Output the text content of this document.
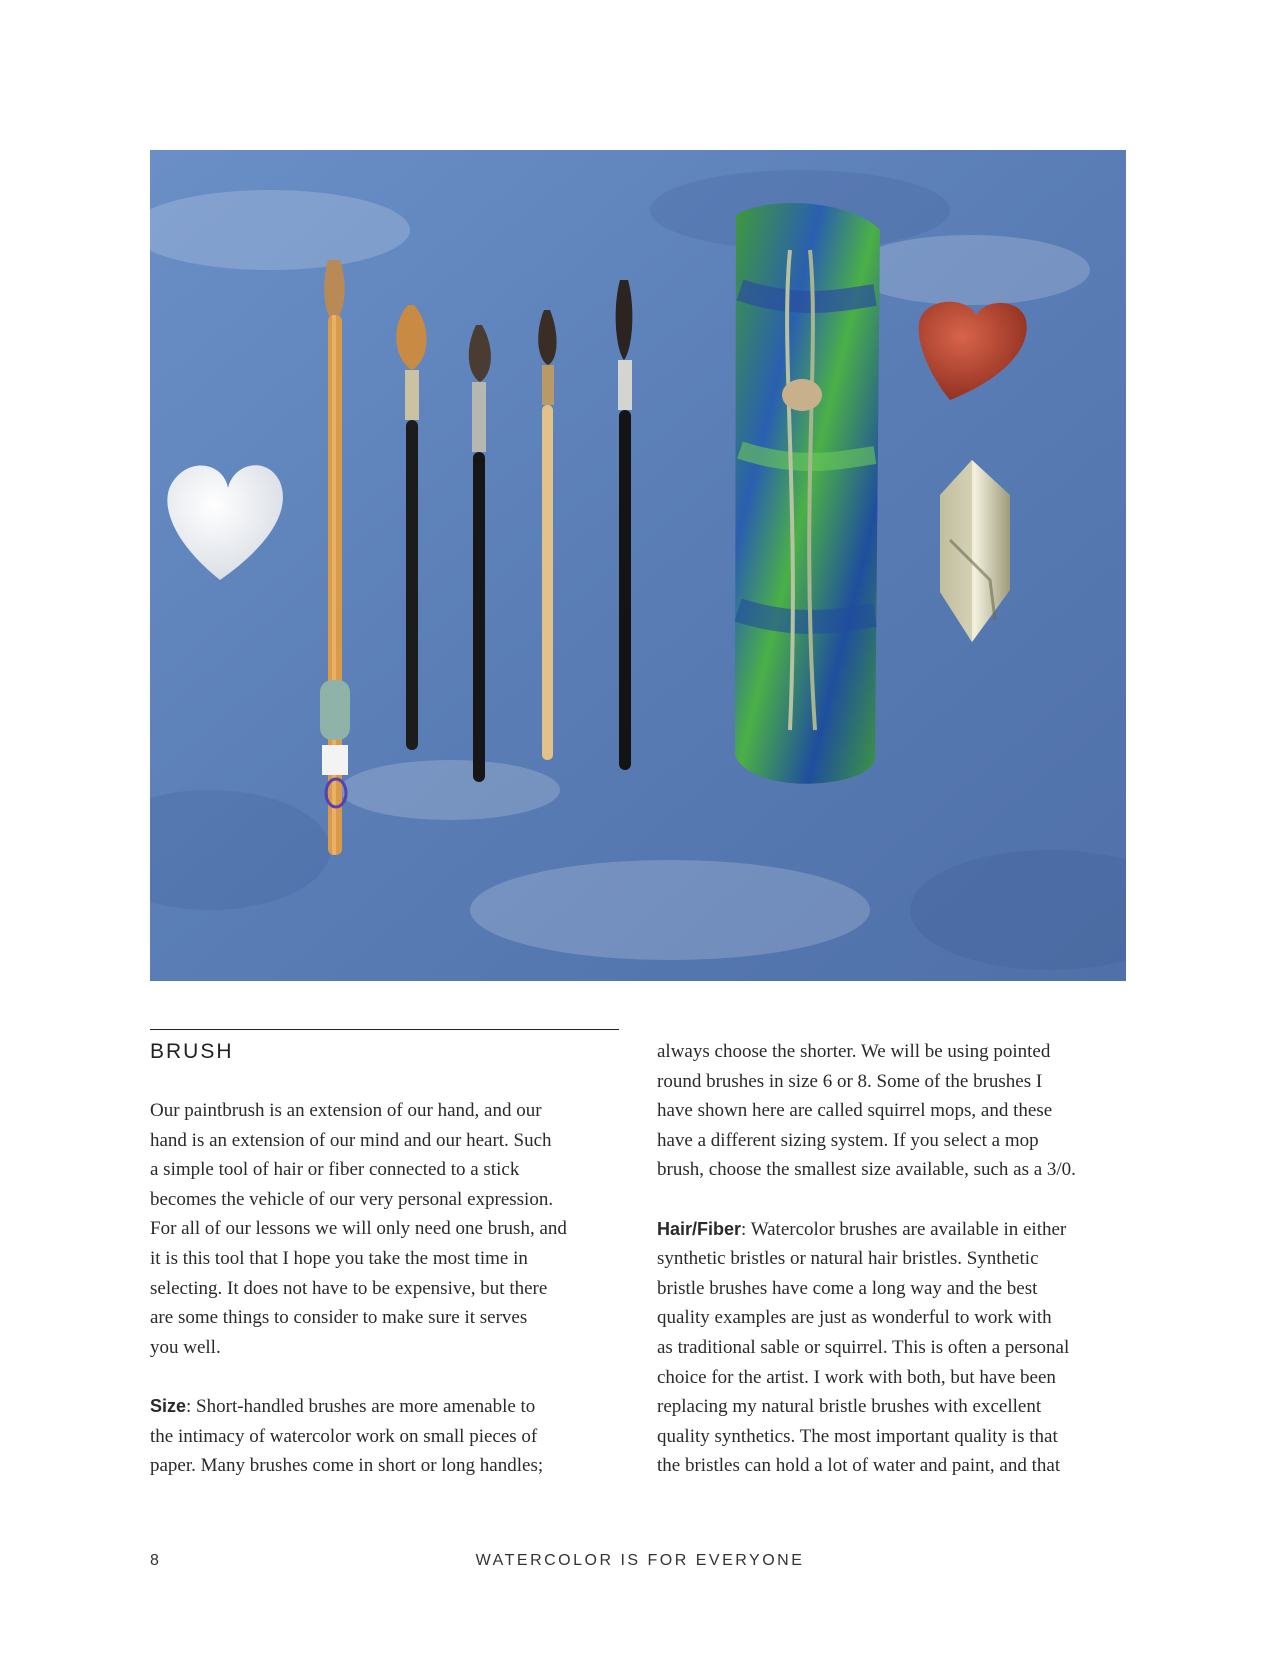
BRUSH

Our paintbrush is an extension of our hand, and our
hand is an extension of our mind and our heart. Such
a simple tool of hair or fiber connected to a stick
becomes the vehicle of our very personal expression.
For all of our lessons we will only need one brush, and
it is this tool that I hope you take the most time in
selecting. It does not have to be expensive, but there
are some things to consider to make sure it serves
you well.

Size: Short-handled brushes are more amenable to
the intimacy of watercolor work on small pieces of
paper. Many brushes come in short or long handles;

always choose the shorter. We will be using pointed
round brushes in size 6 or 8. Some of the brushes I
have shown here are called squirrel mops, and these
have a different sizing system. If you select a mop
brush, choose the smallest size available, such as a 3/0.

Hair/Fiber: Watercolor brushes are available in either
synthetic bristles or natural hair bristles. Synthetic
bristle brushes have come a long way and the best
quality examples are just as wonderful to work with
as traditional sable or squirrel. This is often a personal
choice for the artist. I work with both, but have been
replacing my natural bristle brushes with excellent
quality synthetics. The most important quality is that
the bristles can hold a lot of water and paint, and that

8	WATERCOLOR IS FOR EVERYONE
